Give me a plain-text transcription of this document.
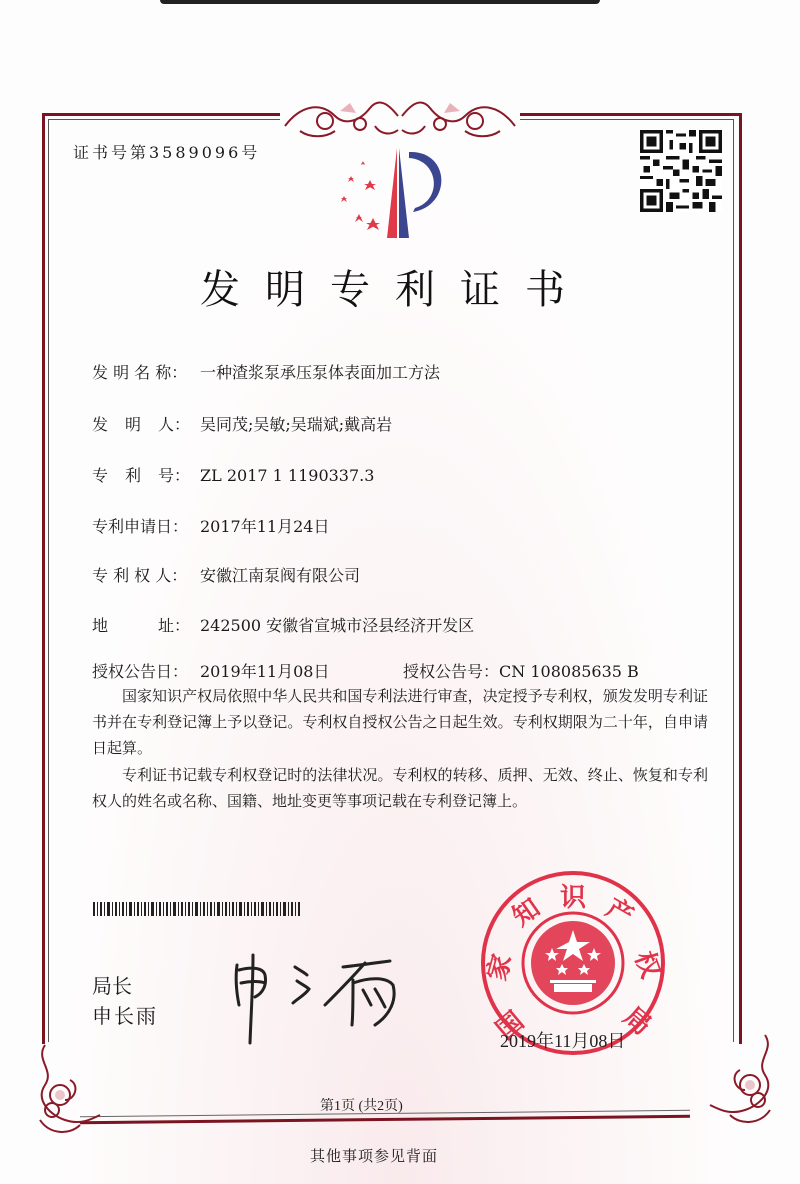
证书号第3589096号
发明专利证书
发 明 名 称： 一种渣浆泵承压泵体表面加工方法
发 明 人： 吴同茂;吴敏;吴瑞斌;戴高岩
专 利 号： ZL 2017 1 1190337.3
专利申请日： 2017年11月24日
专 利 权 人： 安徽江南泵阀有限公司
地	址： 242500 安徽省宣城市泾县经济开发区
授权公告日： 2019年11月08日	授权公告号：CN 108085635 B
国家知识产权局依照中华人民共和国专利法进行审查，决定授予专利权，颁发发明专利证书并在专利登记簿上予以登记。专利权自授权公告之日起生效。专利权期限为二十年，自申请日起算。
专利证书记载专利权登记时的法律状况。专利权的转移、质押、无效、终止、恢复和专利权人的姓名或名称、国籍、地址变更等事项记载在专利登记簿上。
局长
申长雨	国
家
知 识 产
权
局
2019年11月08日
第1页 (共2页)
其他事项参见背面
